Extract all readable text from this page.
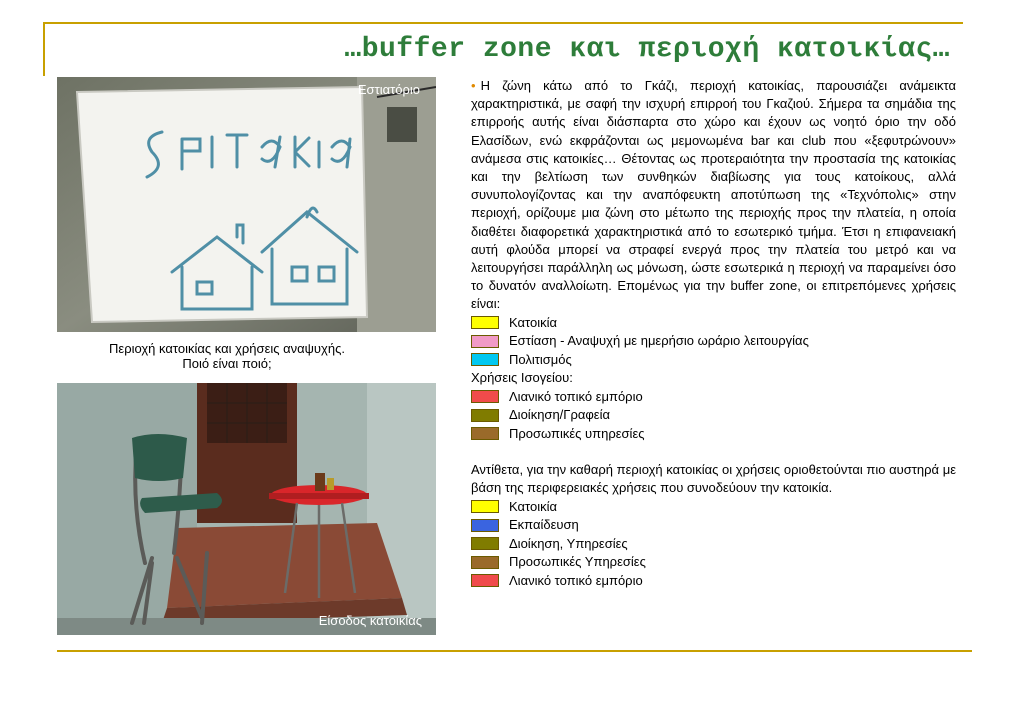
…buffer zone και περιοχή κατοικίας…
Εστιατόριο
Περιοχή κατοικίας και χρήσεις αναψυχής.
Ποιό είναι ποιό;
Είσοδος κατοικίας

• Η ζώνη κάτω από το Γκάζι, περιοχή κατοικίας, παρουσιάζει ανάμεικτα χαρακτηριστικά, με σαφή την ισχυρή επιρροή του Γκαζιού. Σήμερα τα σημάδια της επιρροής αυτής είναι διάσπαρτα στο χώρο και έχουν ως νοητό όριο την οδό Ελασίδων, ενώ εκφράζονται ως μεμονωμένα bar και club που «ξεφυτρώνουν» ανάμεσα στις κατοικίες… Θέτοντας ως προτεραιότητα την προστασία της κατοικίας και την βελτίωση των συνθηκών διαβίωσης για τους κατοίκους, αλλά συνυπολογίζοντας και την αναπόφευκτη αποτύπωση της «Τεχνόπολις» στην περιοχή, ορίζουμε μια ζώνη στο μέτωπο της περιοχής προς την πλατεία, η οποία διαθέτει διαφορετικά χαρακτηριστικά από το εσωτερικό τμήμα. Έτσι η επιφανειακή αυτή φλούδα μπορεί να στραφεί ενεργά προς την πλατεία του μετρό και να λειτουργήσει παράλληλη ως μόνωση, ώστε εσωτερικά η περιοχή να παραμείνει όσο το δυνατόν αναλλοίωτη. Επομένως για την buffer zone, οι επιτρεπόμενες χρήσεις είναι:

Κατοικία
Εστίαση - Αναψυχή με ημερήσιο ωράριο λειτουργίας
Πολιτισμός

Χρήσεις Ισογείου:

Λιανικό τοπικό εμπόριο
Διοίκηση/Γραφεία
Προσωπικές υπηρεσίες

Αντίθετα, για την καθαρή περιοχή κατοικίας οι χρήσεις οριοθετούνται πιο αυστηρά με βάση της περιφερειακές χρήσεις που συνοδεύουν την κατοικία.

Κατοικία
Εκπαίδευση
Διοίκηση, Υπηρεσίες
Προσωπικές Υπηρεσίες
Λιανικό τοπικό εμπόριο
